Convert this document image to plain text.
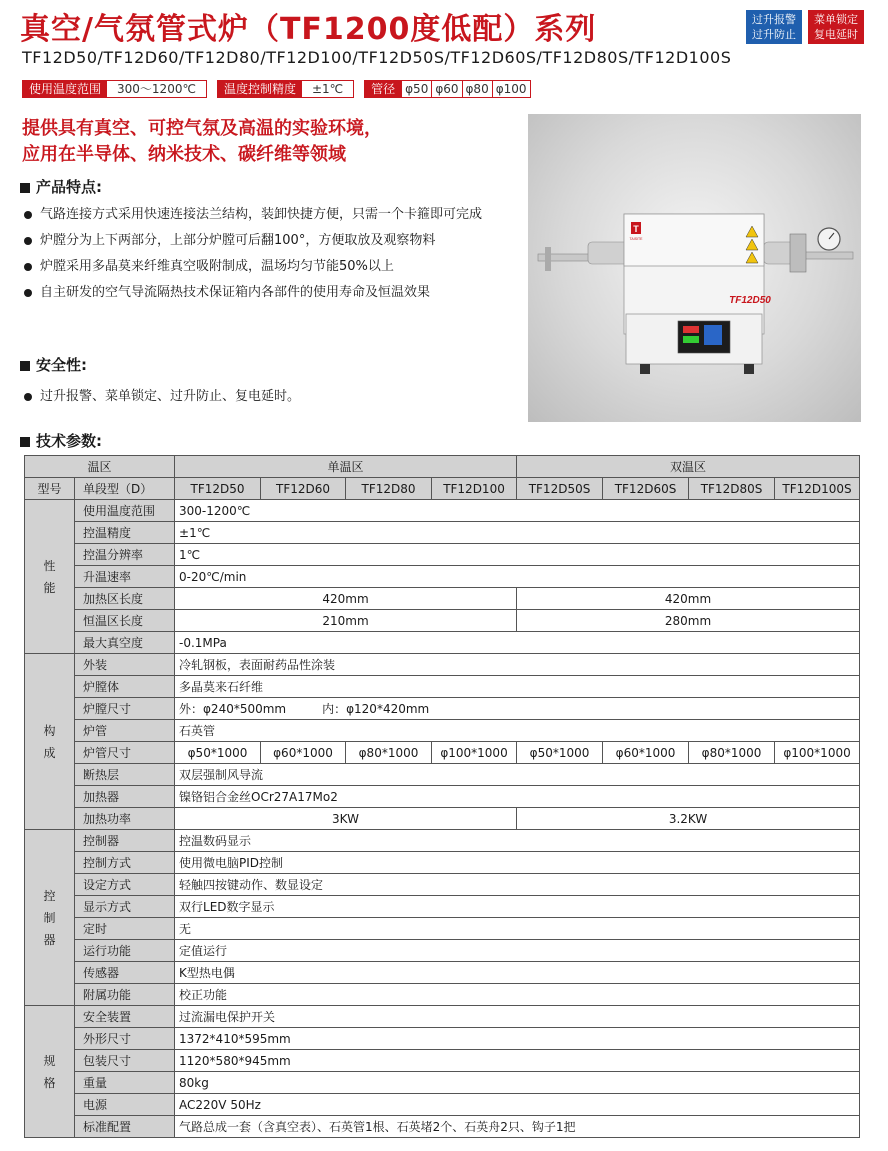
真空/气氛管式炉（TF1200度低配）系列	过升报警
过升防止
菜单锁定
复电延时
TF12D50/TF12D60/TF12D80/TF12D100/TF12D50S/TF12D60S/TF12D80S/TF12D100S
使用温度范围	300～1200℃	温度控制精度	±1℃	管径 φ50 φ60 φ80 φ100
提供具有真空、可控气氛及高温的实验环境，
应用在半导体、纳米技术、碳纤维等领域
产品特点:
气路连接方式采用快速连接法兰结构，装卸快捷方便，只需一个卡箍即可完成
炉膛分为上下两部分，上部分炉膛可后翻100°，方便取放及观察物料
炉膛采用多晶莫来纤维真空吸附制成，温场均匀节能50%以上
自主研发的空气导流隔热技术保证箱内各部件的使用寿命及恒温效果
安全性:
过升报警、菜单锁定、过升防止、复电延时。
T
TAISITE
TF12D50
技术参数:
温区		单温区				双温区			
型号	单段型（D）	TF12D50	TF12D60	TF12D80	TF12D100	TF12D50S	TF12D60S	TF12D80S	TF12D100S
性能	使用温度范围	300-1200℃							
	控温精度	±1℃							
	控温分辨率	1℃							
	升温速率	0-20℃/min							
	加热区长度	420mm				420mm			
	恒温区长度	210mm				280mm			
	最大真空度	-0.1MPa							
构成	外装	冷轧钢板，表面耐药品性涂装							
	炉膛体	多晶莫来石纤维							
	炉膛尺寸	外：φ240*500mm　　　内：φ120*420mm							
	炉管	石英管							
	炉管尺寸	φ50*1000	φ60*1000	φ80*1000	φ100*1000	φ50*1000	φ60*1000	φ80*1000	φ100*1000
	断热层	双层强制风导流							
	加热器	镍铬铝合金丝OCr27A17Mo2							
	加热功率	3KW				3.2KW			
控制器	控制器	控温数码显示							
	控制方式	使用微电脑PID控制							
	设定方式	轻触四按键动作、数显设定							
	显示方式	双行LED数字显示							
	定时	无							
	运行功能	定值运行							
	传感器	K型热电偶							
	附属功能	校正功能							
规格	安全装置	过流漏电保护开关							
	外形尺寸	1372*410*595mm							
	包装尺寸	1120*580*945mm							
	重量	80kg							
	电源	AC220V 50Hz							
	标准配置	气路总成一套（含真空表）、石英管1根、石英堵2个、石英舟2只、钩子1把							
